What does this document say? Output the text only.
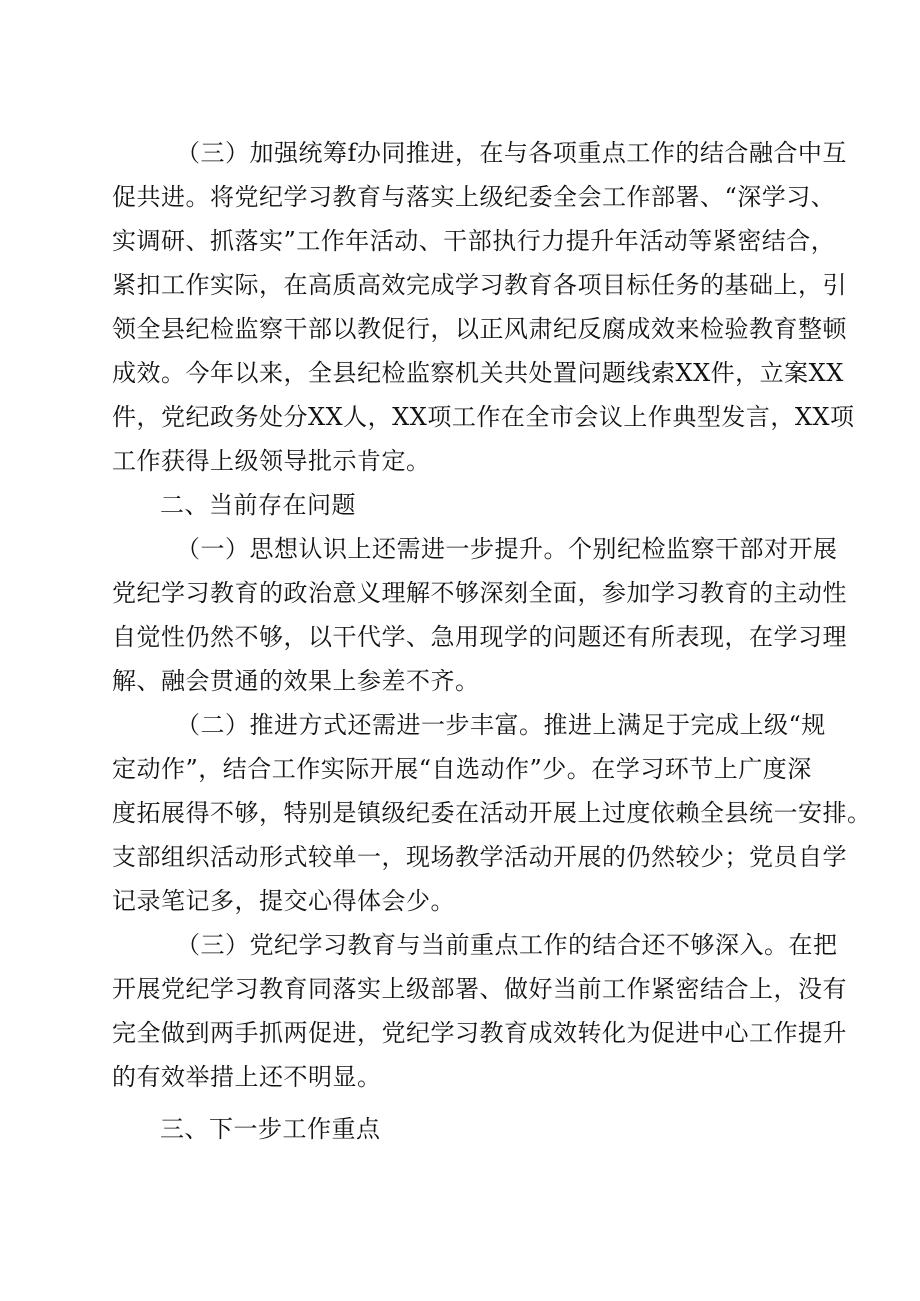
（三）加强统筹f办同推进，在与各项重点工作的结合融合中互
促共进。将党纪学习教育与落实上级纪委全会工作部署、“深学习、
实调研、抓落实”工作年活动、干部执行力提升年活动等紧密结合，
紧扣工作实际，在高质高效完成学习教育各项目标任务的基础上，引
领全县纪检监察干部以教促行，以正风肃纪反腐成效来检验教育整顿
成效。今年以来，全县纪检监察机关共处置问题线索XX件，立案XX
件，党纪政务处分XX人，XX项工作在全市会议上作典型发言，XX项
工作获得上级领导批示肯定。
二、当前存在问题
（一）思想认识上还需进一步提升。个别纪检监察干部对开展
党纪学习教育的政治意义理解不够深刻全面，参加学习教育的主动性
自觉性仍然不够，以干代学、急用现学的问题还有所表现，在学习理
解、融会贯通的效果上参差不齐。
（二）推进方式还需进一步丰富。推进上满足于完成上级“规
定动作”，结合工作实际开展“自选动作”少。在学习环节上广度深
度拓展得不够，特别是镇级纪委在活动开展上过度依赖全县统一安排。
支部组织活动形式较单一，现场教学活动开展的仍然较少；党员自学
记录笔记多，提交心得体会少。
（三）党纪学习教育与当前重点工作的结合还不够深入。在把
开展党纪学习教育同落实上级部署、做好当前工作紧密结合上，没有
完全做到两手抓两促进，党纪学习教育成效转化为促进中心工作提升
的有效举措上还不明显。
三、下一步工作重点
